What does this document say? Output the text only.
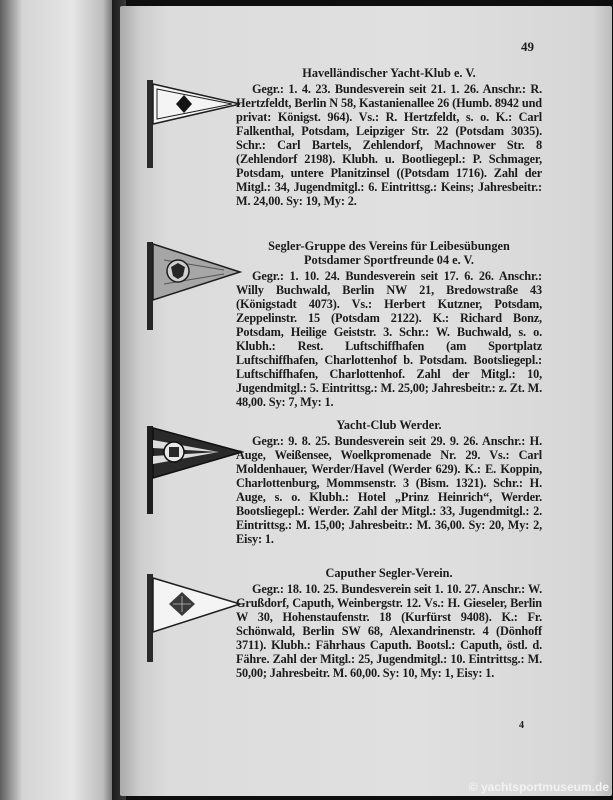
49

Havelländischer Yacht-Klub e. V.

Gegr.: 1. 4. 23. Bundesverein seit 21. 1. 26. Anschr.: R. Hertzfeldt, Berlin N 58, Kastanienallee 26 (Humb. 8942 und privat: Königst. 964). Vs.: R. Hertzfeldt, s. o. K.: Carl Falkenthal, Potsdam, Leipziger Str. 22 (Potsdam 3035). Schr.: Carl Bartels, Zehlendorf, Machnower Str. 8 (Zehlendorf 2198). Klubh. u. Bootliegepl.: P. Schmager, Potsdam, untere Planitzinsel ((Potsdam 1716). Zahl der Mitgl.: 34, Jugendmitgl.: 6. Eintrittsg.: Keins; Jahresbeitr.: M. 24,00. Sy: 19, My: 2.

Segler-Gruppe des Vereins für Leibesübungen
Potsdamer Sportfreunde 04 e. V.

Gegr.: 1. 10. 24. Bundesverein seit 17. 6. 26. Anschr.: Willy Buchwald, Berlin NW 21, Bredowstraße 43 (Königstadt 4073). Vs.: Herbert Kutzner, Potsdam, Zeppelinstr. 15 (Potsdam 2122). K.: Richard Bonz, Potsdam, Heilige Geiststr. 3. Schr.: W. Buchwald, s. o. Klubh.: Rest. Luftschiffhafen (am Sportplatz Luftschiffhafen, Charlottenhof b. Potsdam. Bootsliegepl.: Luftschiffhafen, Charlottenhof. Zahl der Mitgl.: 10, Jugendmitgl.: 5. Eintrittsg.: M. 25,00; Jahresbeitr.: z. Zt. M. 48,00. Sy: 7, My: 1.

Yacht-Club Werder.

Gegr.: 9. 8. 25. Bundesverein seit 29. 9. 26. Anschr.: H. Auge, Weißensee, Woelkpromenade Nr. 29. Vs.: Carl Moldenhauer, Werder/Havel (Werder 629). K.: E. Koppin, Charlottenburg, Mommsenstr. 3 (Bism. 1321). Schr.: H. Auge, s. o. Klubh.: Hotel „Prinz Heinrich“, Werder. Bootsliegepl.: Werder. Zahl der Mitgl.: 33, Jugendmitgl.: 2. Eintrittsg.: M. 15,00; Jahresbeitr.: M. 36,00. Sy: 20, My: 2, Eisy: 1.

Caputher Segler-Verein.

Gegr.: 18. 10. 25. Bundesverein seit 1. 10. 27. Anschr.: W. Grußdorf, Caputh, Weinbergstr. 12. Vs.: H. Gieseler, Berlin W 30, Hohenstaufenstr. 18 (Kurfürst 9408). K.: Fr. Schönwald, Berlin SW 68, Alexandrinenstr. 4 (Dönhoff 3711). Klubh.: Fährhaus Caputh. Bootsl.: Caputh, östl. d. Fähre. Zahl der Mitgl.: 25, Jugendmitgl.: 10. Eintrittsg.: M. 50,00; Jahresbeitr. M. 60,00. Sy: 10, My: 1, Eisy: 1.

4
© yachtsportmuseum.de
